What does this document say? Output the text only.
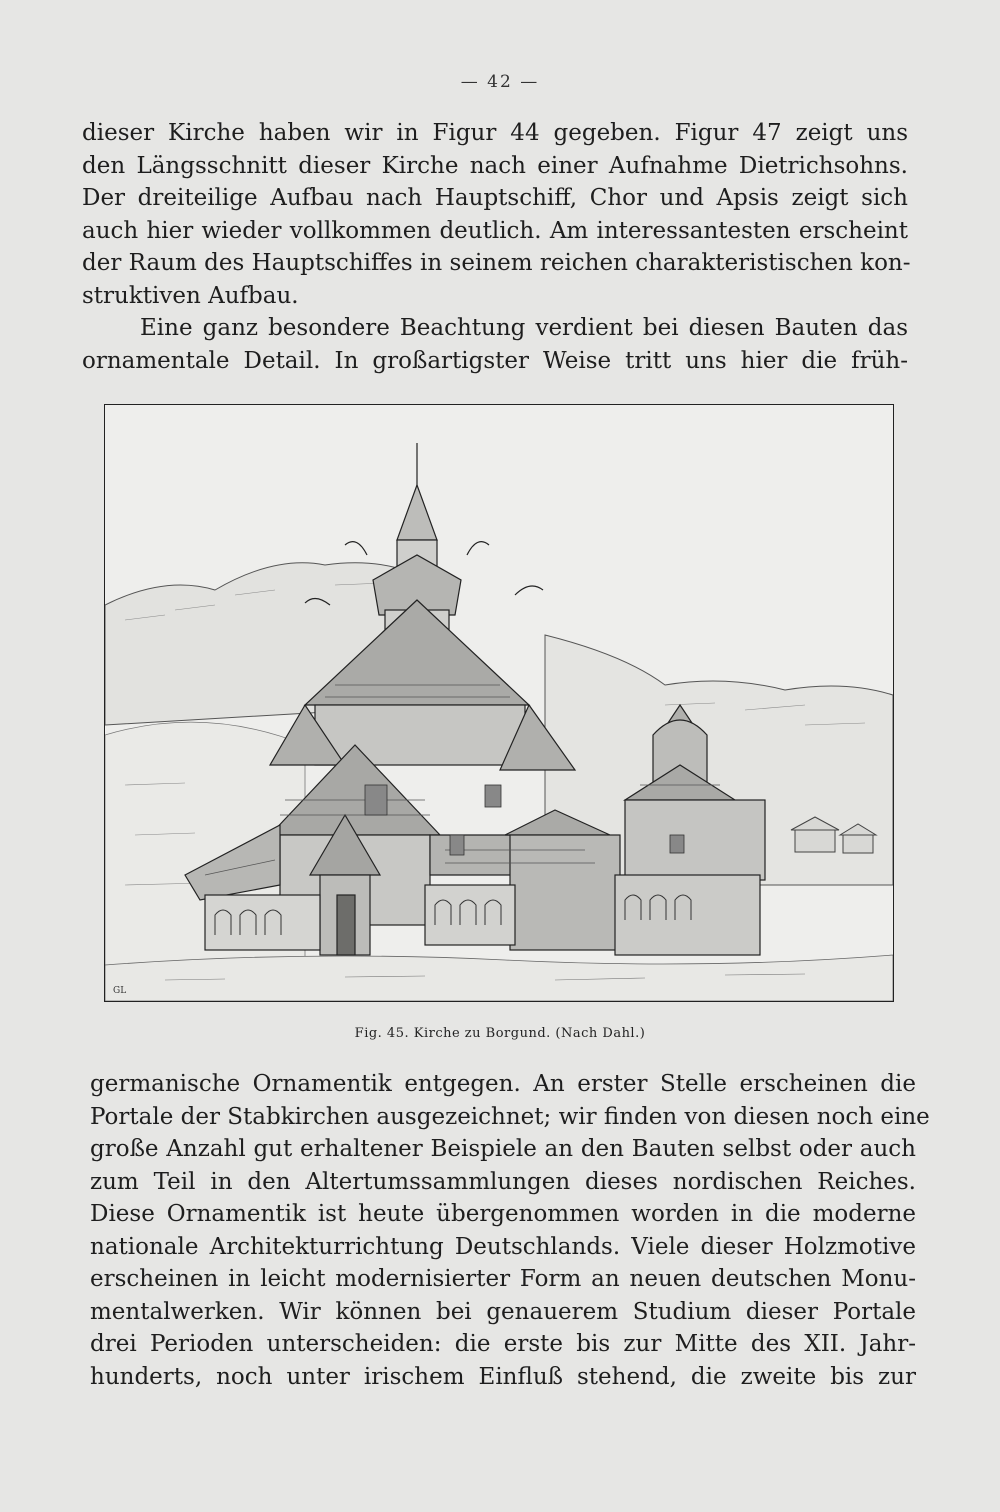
— 42 —

dieser Kirche haben wir in Figur 44 gegeben. Figur 47 zeigt uns
den Längsschnitt dieser Kirche nach einer Aufnahme Dietrichsohns.
Der dreiteilige Aufbau nach Hauptschiff, Chor und Apsis zeigt sich
auch hier wieder vollkommen deutlich. Am interessantesten erscheint
der Raum des Hauptschiffes in seinem reichen charakteristischen kon-
struktiven Aufbau.

Eine ganz besondere Beachtung verdient bei diesen Bauten das
ornamentale Detail. In großartigster Weise tritt uns hier die früh-

GL
Fig. 45. Kirche zu Borgund. (Nach Dahl.)

germanische Ornamentik entgegen. An erster Stelle erscheinen die
Portale der Stabkirchen ausgezeichnet; wir finden von diesen noch eine
große Anzahl gut erhaltener Beispiele an den Bauten selbst oder auch
zum Teil in den Altertumssammlungen dieses nordischen Reiches.
Diese Ornamentik ist heute übergenommen worden in die moderne
nationale Architekturrichtung Deutschlands. Viele dieser Holzmotive
erscheinen in leicht modernisierter Form an neuen deutschen Monu-
mentalwerken. Wir können bei genauerem Studium dieser Portale
drei Perioden unterscheiden: die erste bis zur Mitte des XII. Jahr-
hunderts, noch unter irischem Einfluß stehend, die zweite bis zur
